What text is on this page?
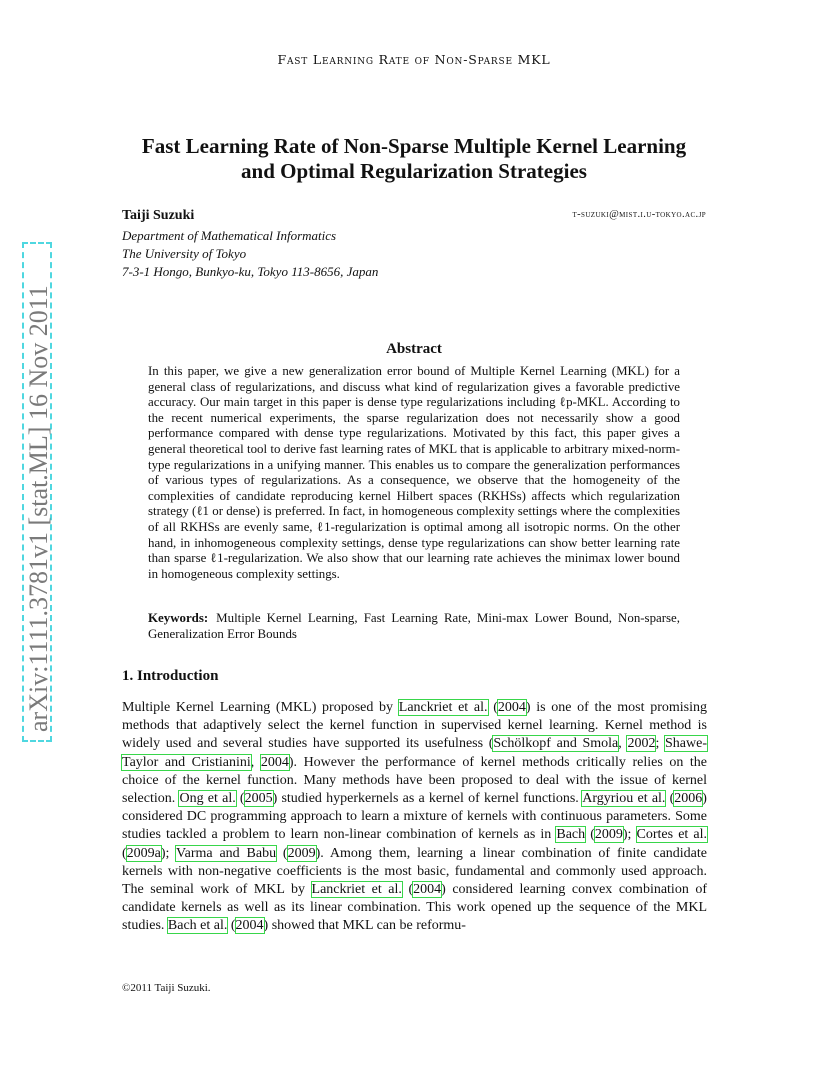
Fast Learning Rate of Non-Sparse MKL
Fast Learning Rate of Non-Sparse Multiple Kernel Learning
and Optimal Regularization Strategies
Taiji Suzuki	t-suzuki@mist.i.u-tokyo.ac.jp
Department of Mathematical Informatics
The University of Tokyo
7-3-1 Hongo, Bunkyo-ku, Tokyo 113-8656, Japan
arXiv:1111.3781v1 [stat.ML] 16 Nov 2011	Abstract
In this paper, we give a new generalization error bound of Multiple Kernel Learning (MKL) for a general class of regularizations, and discuss what kind of regularization gives a favorable predictive accuracy. Our main target in this paper is dense type regularizations including ℓp-MKL. According to the recent numerical experiments, the sparse regularization does not necessarily show a good performance compared with dense type regularizations. Motivated by this fact, this paper gives a general theoretical tool to derive fast learning rates of MKL that is applicable to arbitrary mixed-norm-type regularizations in a unifying manner. This enables us to compare the generalization performances of various types of regularizations. As a consequence, we observe that the homogeneity of the complexities of candidate reproducing kernel Hilbert spaces (RKHSs) affects which regularization strategy (ℓ1 or dense) is preferred. In fact, in homogeneous complexity settings where the complexities of all RKHSs are evenly same, ℓ1-regularization is optimal among all isotropic norms. On the other hand, in inhomogeneous complexity settings, dense type regularizations can show better learning rate than sparse ℓ1-regularization. We also show that our learning rate achieves the minimax lower bound in homogeneous complexity settings.
Keywords: Multiple Kernel Learning, Fast Learning Rate, Mini-max Lower Bound, Non-sparse, Generalization Error Bounds
1. Introduction
Multiple Kernel Learning (MKL) proposed by Lanckriet et al. (2004) is one of the most promising methods that adaptively select the kernel function in supervised kernel learning. Kernel method is widely used and several studies have supported its usefulness (Schölkopf and Smola, 2002; Shawe-Taylor and Cristianini, 2004). However the performance of kernel methods critically relies on the choice of the kernel function. Many methods have been proposed to deal with the issue of kernel selection. Ong et al. (2005) studied hyperkernels as a kernel of kernel functions. Argyriou et al. (2006) considered DC programming approach to learn a mixture of kernels with continuous parameters. Some studies tackled a problem to learn non-linear combination of kernels as in Bach (2009); Cortes et al. (2009a); Varma and Babu (2009). Among them, learning a linear combination of finite candidate kernels with non-negative coefficients is the most basic, fundamental and commonly used approach. The seminal work of MKL by Lanckriet et al. (2004) considered learning convex combination of candidate kernels as well as its linear combination. This work opened up the sequence of the MKL studies. Bach et al. (2004) showed that MKL can be reformu-
©2011 Taiji Suzuki.
